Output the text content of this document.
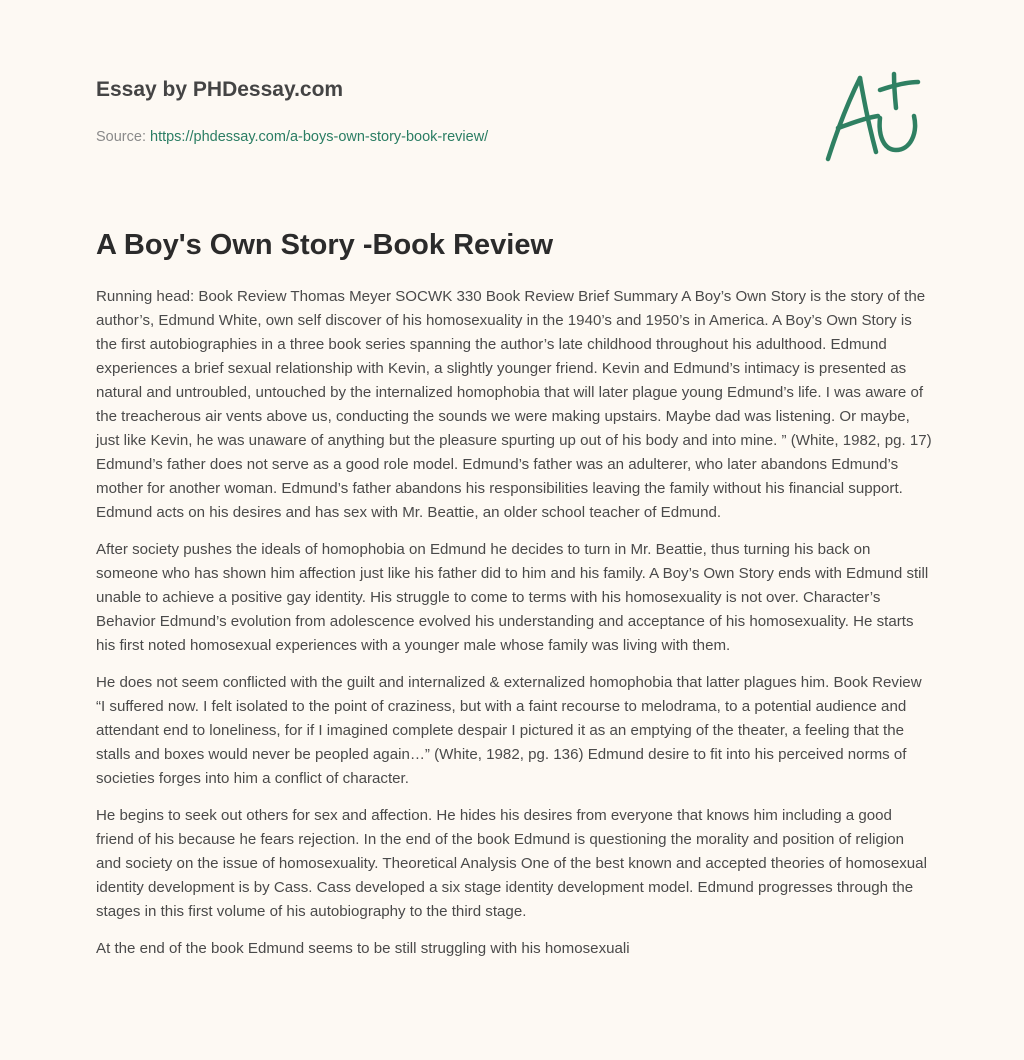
Essay by PHDessay.com
Source: https://phdessay.com/a-boys-own-story-book-review/
A Boy's Own Story -Book Review

Running head: Book Review Thomas Meyer SOCWK 330 Book Review Brief Summary A Boy’s Own Story is the story of the author’s, Edmund White, own self discover of his homosexuality in the 1940’s and 1950’s in America. A Boy’s Own Story is the first autobiographies in a three book series spanning the author’s late childhood throughout his adulthood. Edmund experiences a brief sexual relationship with Kevin, a slightly younger friend. Kevin and Edmund’s intimacy is presented as natural and untroubled, untouched by the internalized homophobia that will later plague young Edmund’s life. I was aware of the treacherous air vents above us, conducting the sounds we were making upstairs. Maybe dad was listening. Or maybe, just like Kevin, he was unaware of anything but the pleasure spurting up out of his body and into mine. ” (White, 1982, pg. 17) Edmund’s father does not serve as a good role model. Edmund’s father was an adulterer, who later abandons Edmund’s mother for another woman. Edmund’s father abandons his responsibilities leaving the family without his financial support. Edmund acts on his desires and has sex with Mr. Beattie, an older school teacher of Edmund.

After society pushes the ideals of homophobia on Edmund he decides to turn in Mr. Beattie, thus turning his back on someone who has shown him affection just like his father did to him and his family. A Boy’s Own Story ends with Edmund still unable to achieve a positive gay identity. His struggle to come to terms with his homosexuality is not over. Character’s Behavior Edmund’s evolution from adolescence evolved his understanding and acceptance of his homosexuality. He starts his first noted homosexual experiences with a younger male whose family was living with them.

He does not seem conflicted with the guilt and internalized & externalized homophobia that latter plagues him. Book Review “I suffered now. I felt isolated to the point of craziness, but with a faint recourse to melodrama, to a potential audience and attendant end to loneliness, for if I imagined complete despair I pictured it as an emptying of the theater, a feeling that the stalls and boxes would never be peopled again…” (White, 1982, pg. 136) Edmund desire to fit into his perceived norms of societies forges into him a conflict of character.

He begins to seek out others for sex and affection. He hides his desires from everyone that knows him including a good friend of his because he fears rejection. In the end of the book Edmund is questioning the morality and position of religion and society on the issue of homosexuality. Theoretical Analysis One of the best known and accepted theories of homosexual identity development is by Cass. Cass developed a six stage identity development model. Edmund progresses through the stages in this first volume of his autobiography to the third stage.

At the end of the book Edmund seems to be still struggling with his homosexuali
